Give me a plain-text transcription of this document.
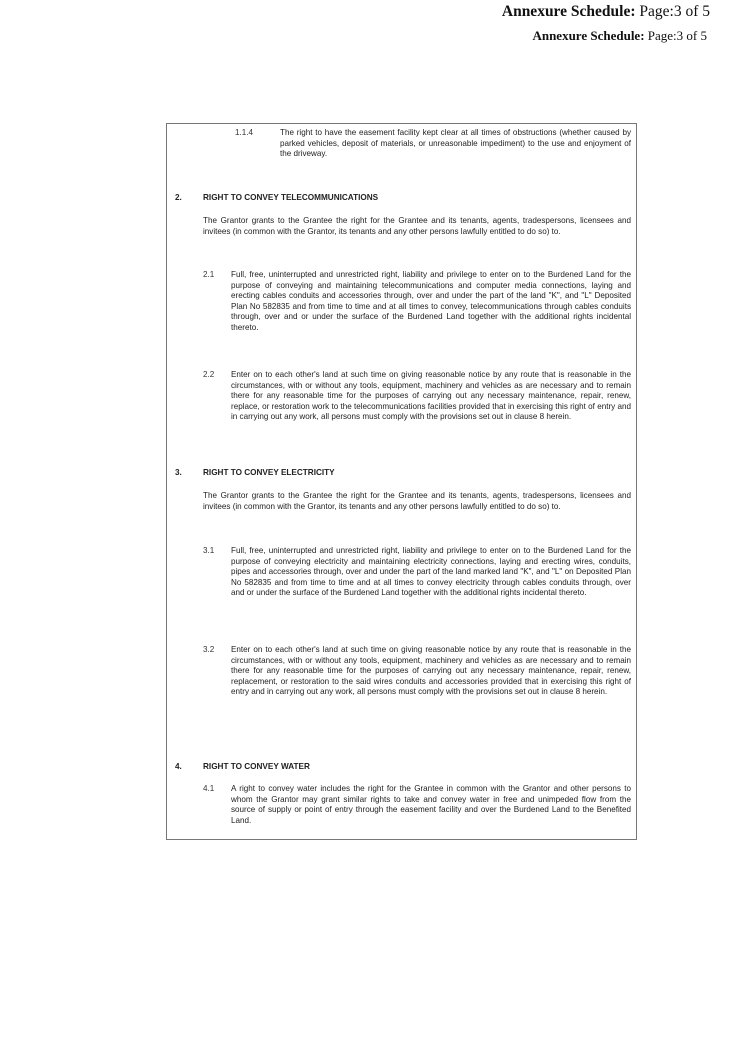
Annexure Schedule: Page:3 of 5
Annexure Schedule: Page:3 of 5
1.1.4	The right to have the easement facility kept clear at all times of obstructions (whether caused by parked vehicles, deposit of materials, or unreasonable impediment) to the use and enjoyment of the driveway.
2.	RIGHT TO CONVEY TELECOMMUNICATIONS
The Grantor grants to the Grantee the right for the Grantee and its tenants, agents, tradespersons, licensees and invitees (in common with the Grantor, its tenants and any other persons lawfully entitled to do so) to.
2.1 Full, free, uninterrupted and unrestricted right, liability and privilege to enter on to the Burdened Land for the purpose of conveying and maintaining telecommunications and computer media connections, laying and erecting cables conduits and accessories through, over and under the part of the land "K", and "L" Deposited Plan No 582835 and from time to time and at all times to convey, telecommunications through cables conduits through, over and or under the surface of the Burdened Land together with the additional rights incidental thereto.
2.2 Enter on to each other's land at such time on giving reasonable notice by any route that is reasonable in the circumstances, with or without any tools, equipment, machinery and vehicles as are necessary and to remain there for any reasonable time for the purposes of carrying out any necessary maintenance, repair, renew, replace, or restoration work to the telecommunications facilities provided that in exercising this right of entry and in carrying out any work, all persons must comply with the provisions set out in clause 8 herein.
3.	RIGHT TO CONVEY ELECTRICITY
The Grantor grants to the Grantee the right for the Grantee and its tenants, agents, tradespersons, licensees and invitees (in common with the Grantor, its tenants and any other persons lawfully entitled to do so) to.
3.1 Full, free, uninterrupted and unrestricted right, liability and privilege to enter on to the Burdened Land for the purpose of conveying electricity and maintaining electricity connections, laying and erecting wires, conduits, pipes and accessories through, over and under the part of the land marked land "K", and "L" on Deposited Plan No 582835 and from time to time and at all times to convey electricity through cables conduits through, over and or under the surface of the Burdened Land together with the additional rights incidental thereto.
3.2 Enter on to each other's land at such time on giving reasonable notice by any route that is reasonable in the circumstances, with or without any tools, equipment, machinery and vehicles as are necessary and to remain there for any reasonable time for the purposes of carrying out any necessary maintenance, repair, renew, replacement, or restoration to the said wires conduits and accessories provided that in exercising this right of entry and in carrying out any work, all persons must comply with the provisions set out in clause 8 herein.
4.	RIGHT TO CONVEY WATER
4.1 A right to convey water includes the right for the Grantee in common with the Grantor and other persons to whom the Grantor may grant similar rights to take and convey water in free and unimpeded flow from the source of supply or point of entry through the easement facility and over the Burdened Land to the Benefited Land.
